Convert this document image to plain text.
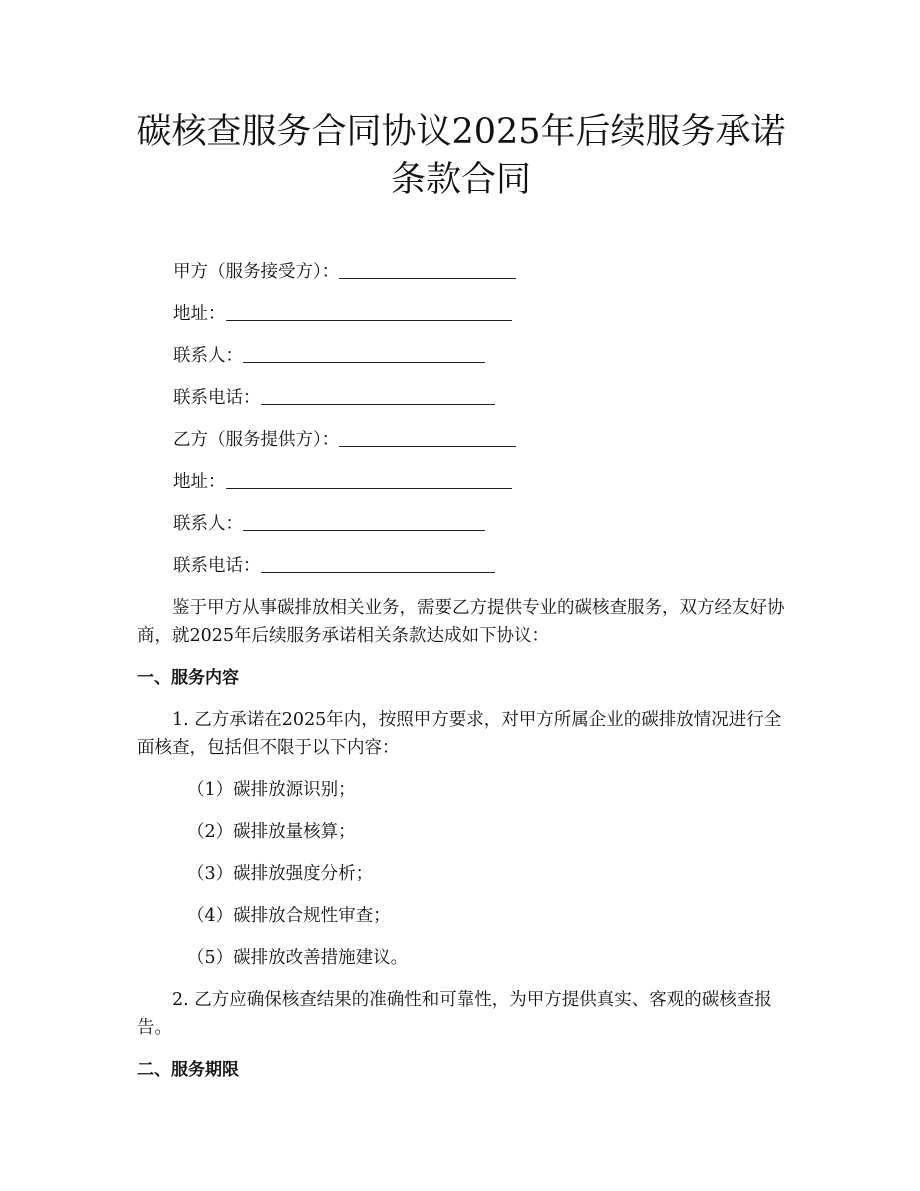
碳核查服务合同协议2025年后续服务承诺条款合同

甲方（服务接受方）：

地址：

联系人：

联系电话：

乙方（服务提供方）：

地址：

联系人：

联系电话：

鉴于甲方从事碳排放相关业务，需要乙方提供专业的碳核查服务，双方经友好协商，就2025年后续服务承诺相关条款达成如下协议：

一、服务内容

1. 乙方承诺在2025年内，按照甲方要求，对甲方所属企业的碳排放情况进行全面核查，包括但不限于以下内容：

（1）碳排放源识别；

（2）碳排放量核算；

（3）碳排放强度分析；

（4）碳排放合规性审查；

（5）碳排放改善措施建议。

2. 乙方应确保核查结果的准确性和可靠性，为甲方提供真实、客观的碳核查报告。

二、服务期限
